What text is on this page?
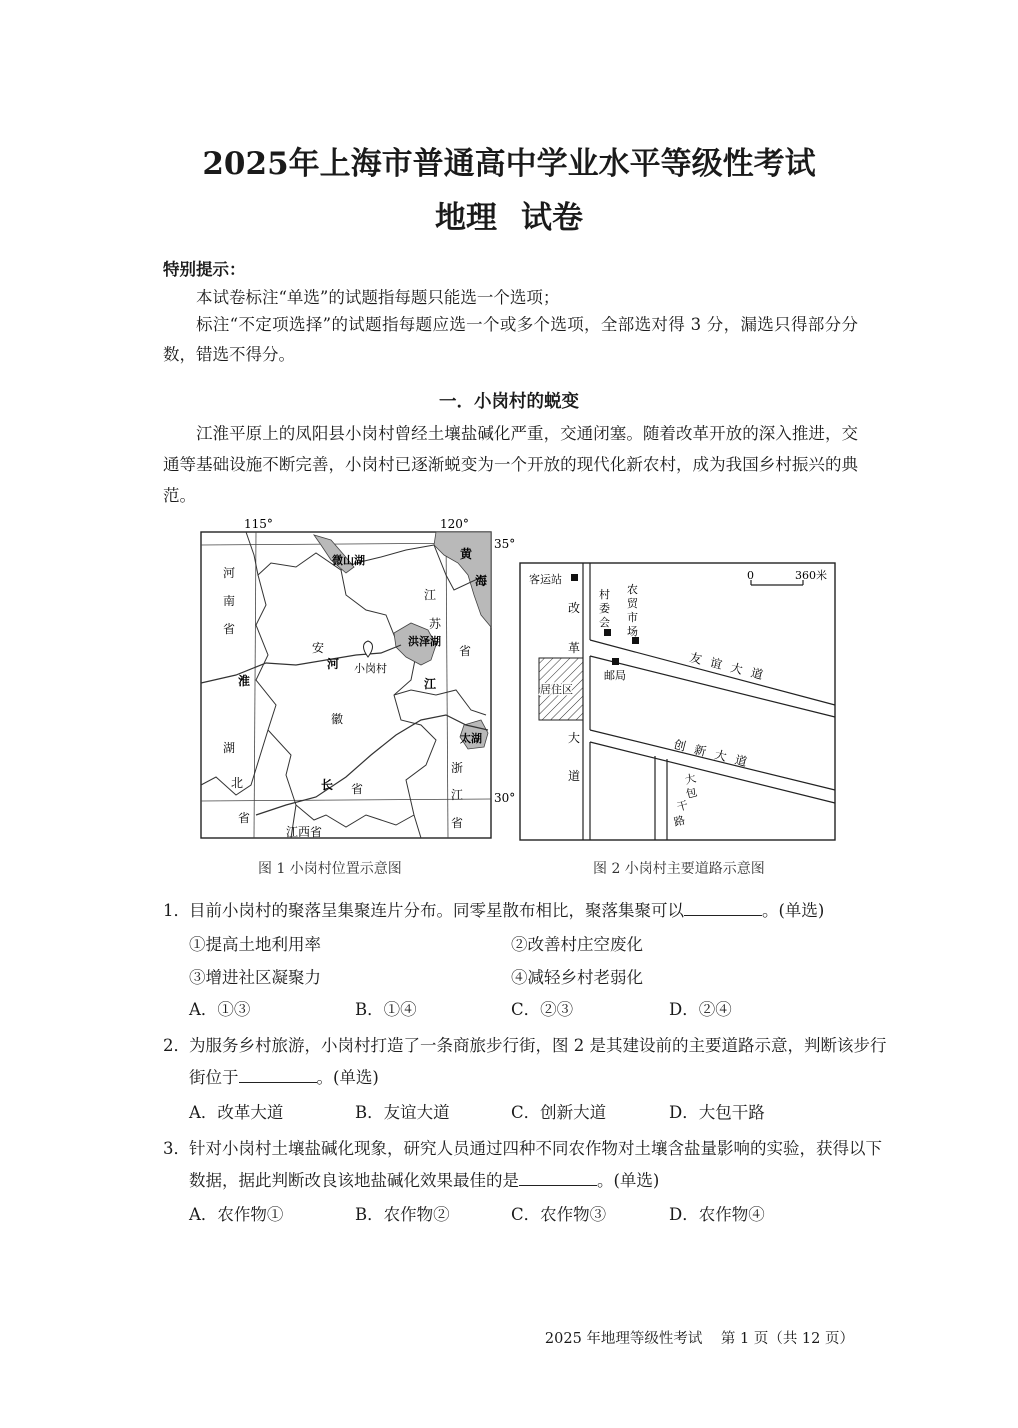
2025年上海市普通高中学业水平等级性考试
地理 试卷
特别提示：
本试卷标注“单选”的试题指每题只能选一个选项；
标注“不定项选择”的试题指每题应选一个或多个选项，全部选对得 3 分，漏选只得部分分数，错选不得分。
一．小岗村的蜕变
江淮平原上的凤阳县小岗村曾经土壤盐碱化严重，交通闭塞。随着改革开放的深入推进，交通等基础设施不断完善，小岗村已逐渐蜕变为一个开放的现代化新农村，成为我国乡村振兴的典范。
115°	120°
35°
30°
河
南
省
湖
北
省
安
徽
省
江
苏
省
浙
江
省
江西省
微山湖
洪泽湖
太湖
黄
海
淮
河
长
江
小岗村
图 1 小岗村位置示意图
0	360米
居住区
客运站
村
委
会
农
贸
市
场
邮局
改
革
大
道
友谊大道
创新大道
大
包
干
路
图 2 小岗村主要道路示意图
1．目前小岗村的聚落呈集聚连片分布。同零星散布相比，聚落集聚可以	。(单选)
①提高土地利用率	②改善村庄空废化
③增进社区凝聚力	④减轻乡村老弱化
A．①③	B．①④	C．②③	D．②④
2．为服务乡村旅游，小岗村打造了一条商旅步行街，图 2 是其建设前的主要道路示意，判断该步行街位于	。(单选)
A．改革大道	B．友谊大道	C．创新大道	D．大包干路
3．针对小岗村土壤盐碱化现象，研究人员通过四种不同农作物对土壤含盐量影响的实验，获得以下数据，据此判断改良该地盐碱化效果最佳的是	。(单选)
A．农作物①	B．农作物②	C．农作物③	D．农作物④
2025 年地理等级性考试 第 1 页（共 12 页）
